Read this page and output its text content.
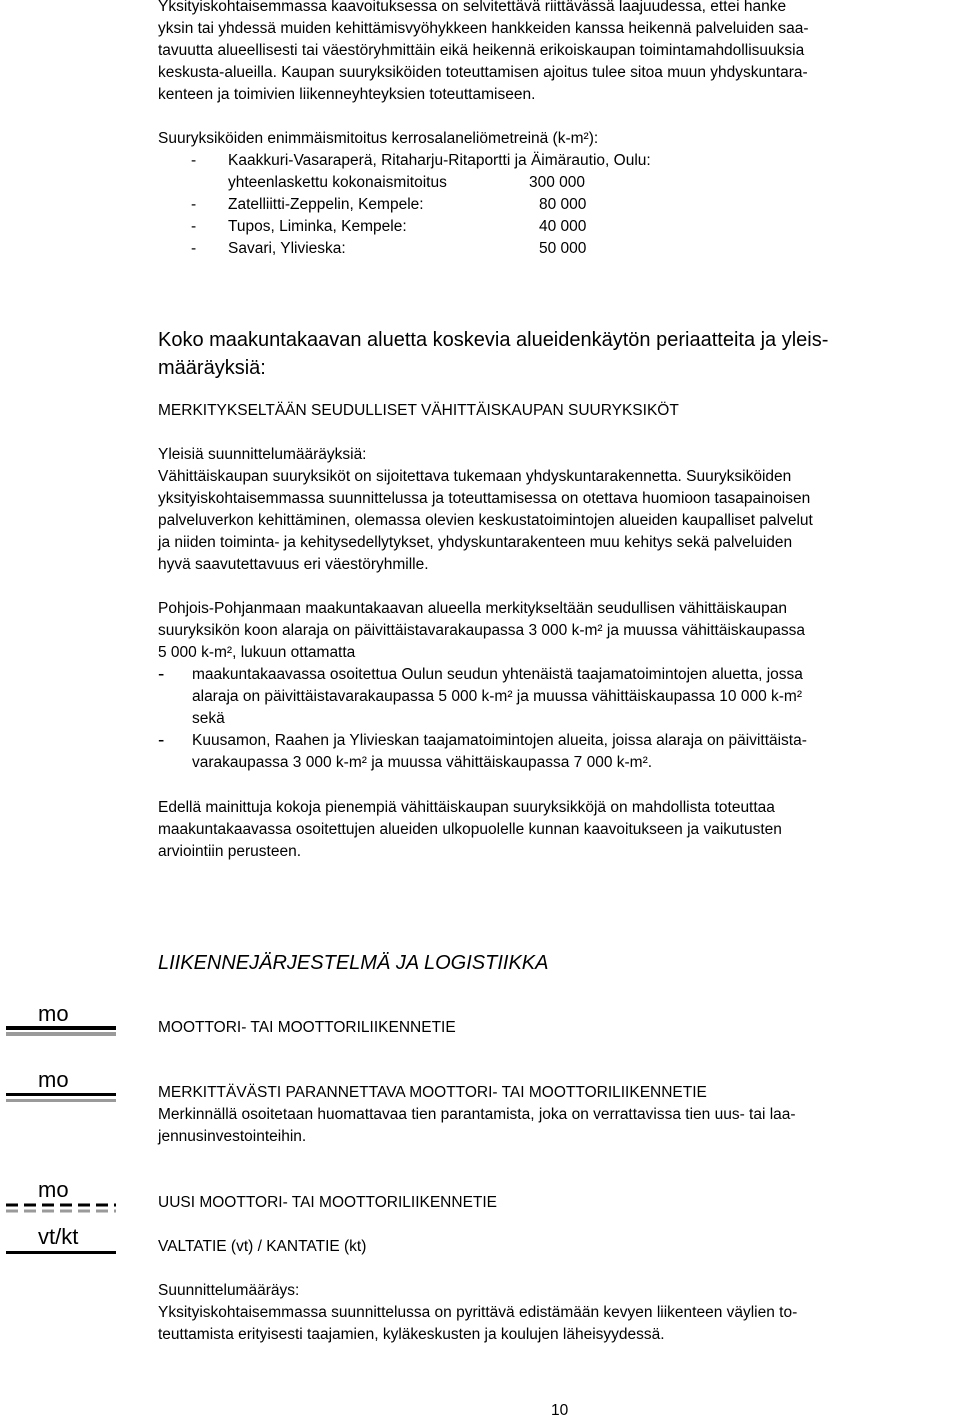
Yksityiskohtaisemmassa kaavoituksessa on selvitettävä riittävässä laajuudessa, ettei hanke
yksin tai yhdessä muiden kehittämisvyöhykkeen hankkeiden kanssa heikennä palveluiden saa-
tavuutta alueellisesti tai väestöryhmittäin eikä heikennä erikoiskaupan toimintamahdollisuuksia
keskusta-alueilla. Kaupan suuryksiköiden toteuttamisen ajoitus tulee sitoa muun yhdyskuntara-
kenteen ja toimivien liikenneyhteyksien toteuttamiseen.
Suuryksiköiden enimmäismitoitus kerrosalaneliömetreinä (k-m²):
- Kaakkuri-Vasaraperä, Ritaharju-Ritaportti ja Äimärautio, Oulu:
yhteenlaskettu kokonaismitoitus	300 000
- Zatelliitti-Zeppelin, Kempele:	80 000
- Tupos, Liminka, Kempele:	40 000
- Savari, Ylivieska:	50 000
Koko maakuntakaavan aluetta koskevia alueidenkäytön periaatteita ja yleis-
määräyksiä:
MERKITYKSELTÄÄN SEUDULLISET VÄHITTÄISKAUPAN SUURYKSIKÖT
Yleisiä suunnittelumääräyksiä:
Vähittäiskaupan suuryksiköt on sijoitettava tukemaan yhdyskuntarakennetta. Suuryksiköiden
yksityiskohtaisemmassa suunnittelussa ja toteuttamisessa on otettava huomioon tasapainoisen
palveluverkon kehittäminen, olemassa olevien keskustatoimintojen alueiden kaupalliset palvelut
ja niiden toiminta- ja kehitysedellytykset, yhdyskuntarakenteen muu kehitys sekä palveluiden
hyvä saavutettavuus eri väestöryhmille.
Pohjois-Pohjanmaan maakuntakaavan alueella merkitykseltään seudullisen vähittäiskaupan
suuryksikön koon alaraja on päivittäistavarakaupassa 3 000 k-m² ja muussa vähittäiskaupassa
5 000 k-m², lukuun ottamatta
- maakuntakaavassa osoitettua Oulun seudun yhtenäistä taajamatoimintojen aluetta, jossa
alaraja on päivittäistavarakaupassa 5 000 k-m² ja muussa vähittäiskaupassa 10 000 k-m²
sekä
- Kuusamon, Raahen ja Ylivieskan taajamatoimintojen alueita, joissa alaraja on päivittäista-
varakaupassa 3 000 k-m² ja muussa vähittäiskaupassa 7 000 k-m².
Edellä mainittuja kokoja pienempiä vähittäiskaupan suuryksikköjä on mahdollista toteuttaa
maakuntakaavassa osoitettujen alueiden ulkopuolelle kunnan kaavoitukseen ja vaikutusten
arviointiin perusteen.
LIIKENNEJÄRJESTELMÄ JA LOGISTIIKKA
mo
MOOTTORI- TAI MOOTTORILIIKENNETIE
mo
MERKITTÄVÄSTI PARANNETTAVA MOOTTORI- TAI MOOTTORILIIKENNETIE
Merkinnällä osoitetaan huomattavaa tien parantamista, joka on verrattavissa tien uus- tai laa-
jennusinvestointeihin.
mo
UUSI MOOTTORI- TAI MOOTTORILIIKENNETIE
vt/kt	VALTATIE (vt) / KANTATIE (kt)
Suunnittelumääräys:
Yksityiskohtaisemmassa suunnittelussa on pyrittävä edistämään kevyen liikenteen väylien to-
teuttamista erityisesti taajamien, kyläkeskusten ja koulujen läheisyydessä.
10
